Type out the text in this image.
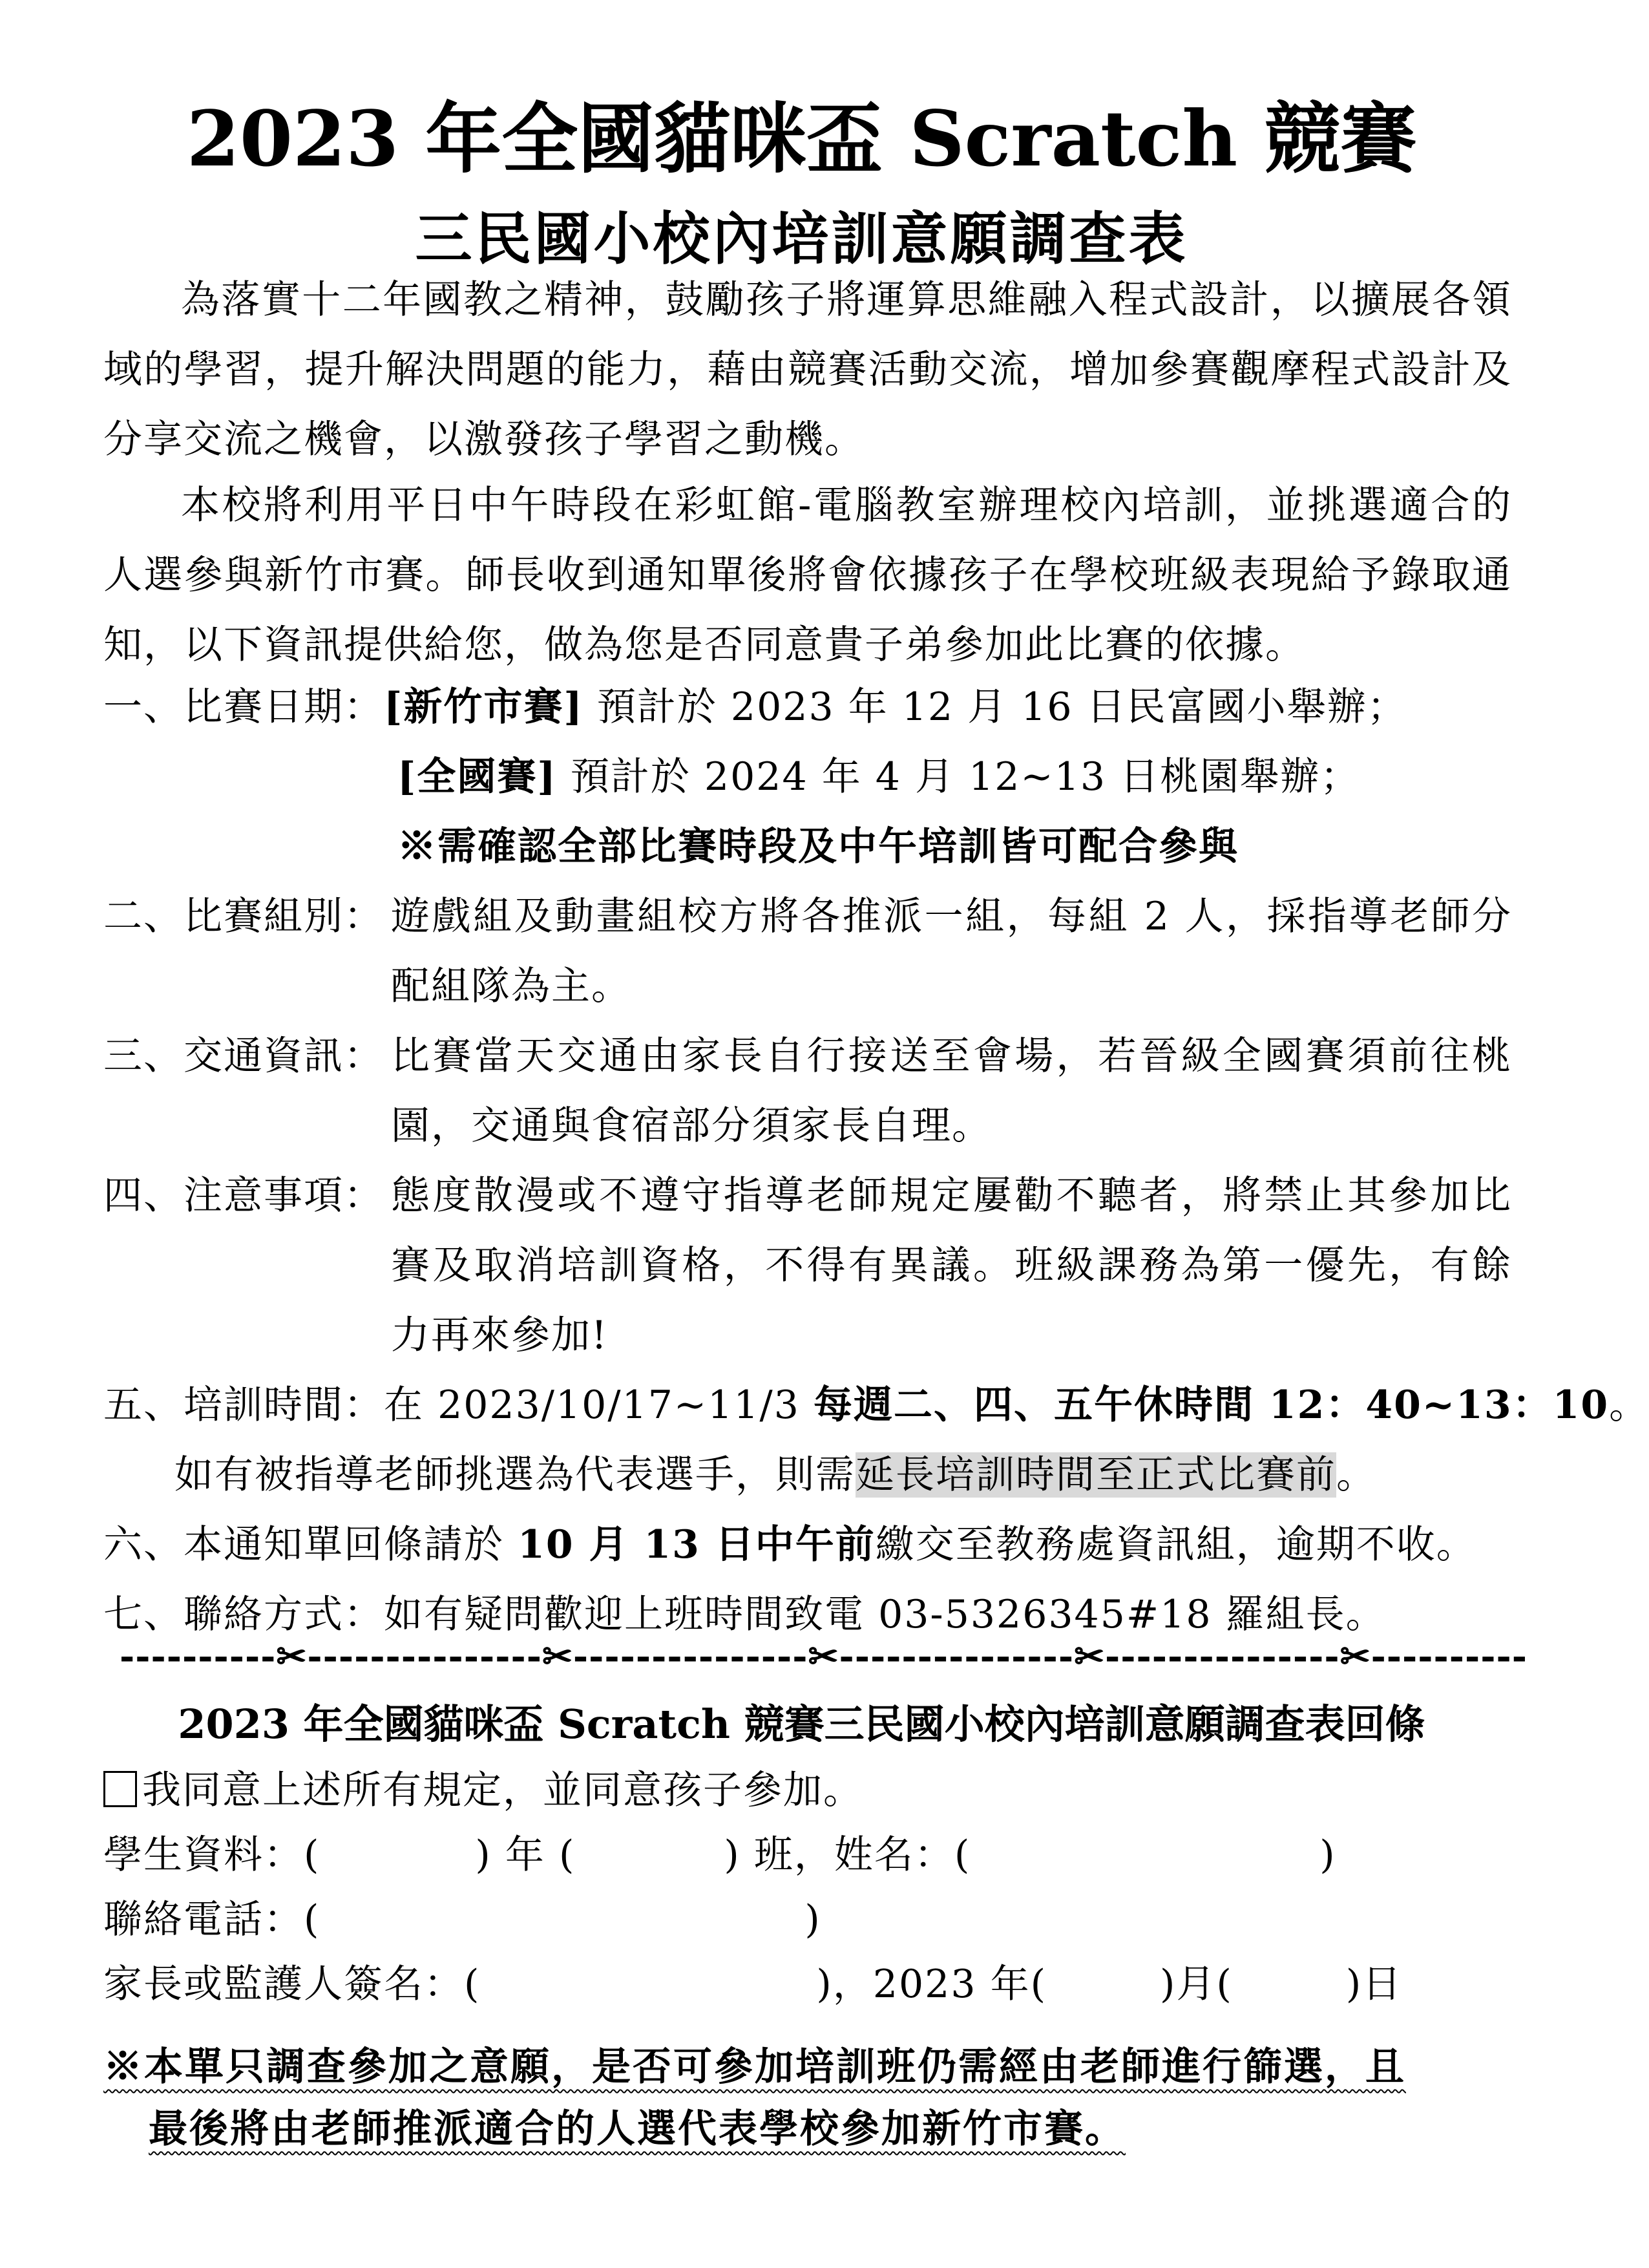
2023 年全國貓咪盃 Scratch 競賽
三民國小校內培訓意願調查表
為落實十二年國教之精神，鼓勵孩子將運算思維融入程式設計，以擴展各領域的學習，提升解決問題的能力，藉由競賽活動交流，增加參賽觀摩程式設計及分享交流之機會，以激發孩子學習之動機。
本校將利用平日中午時段在彩虹館-電腦教室辦理校內培訓，並挑選適合的人選參與新竹市賽。師長收到通知單後將會依據孩子在學校班級表現給予錄取通知，以下資訊提供給您，做為您是否同意貴子弟參加此比賽的依據。
一、比賽日期：[新竹市賽] 預計於 2023 年 12 月 16 日民富國小舉辦；
[全國賽] 預計於 2024 年 4 月 12~13 日桃園舉辦；
※需確認全部比賽時段及中午培訓皆可配合參與
二、比賽組別： 遊戲組及動畫組校方將各推派一組，每組 2 人，採指導老師分配組隊為主。
三、交通資訊： 比賽當天交通由家長自行接送至會場，若晉級全國賽須前往桃園，交通與食宿部分須家長自理。
四、注意事項： 態度散漫或不遵守指導老師規定屢勸不聽者，將禁止其參加比賽及取消培訓資格，不得有異議。班級課務為第一優先，有餘力再來參加!
五、培訓時間：在 2023/10/17~11/3 每週二、四、五午休時間 12：40~13：10。
如有被指導老師挑選為代表選手，則需延長培訓時間至正式比賽前。
六、本通知單回條請於 10 月 13 日中午前繳交至教務處資訊組，逾期不收。
七、聯絡方式：如有疑問歡迎上班時間致電 03-5326345#18 羅組長。
----------✂---------------✂---------------✂---------------✂---------------✂----------
2023 年全國貓咪盃 Scratch 競賽三民國小校內培訓意願調查表回條
我同意上述所有規定，並同意孩子參加。
學生資料：(	) 年 (	) 班，姓名：(	)
聯絡電話：(	)
家長或監護人簽名：(	)，2023 年(	)月(	)日
※本單只調查參加之意願，是否可參加培訓班仍需經由老師進行篩選，且
最後將由老師推派適合的人選代表學校參加新竹市賽。
